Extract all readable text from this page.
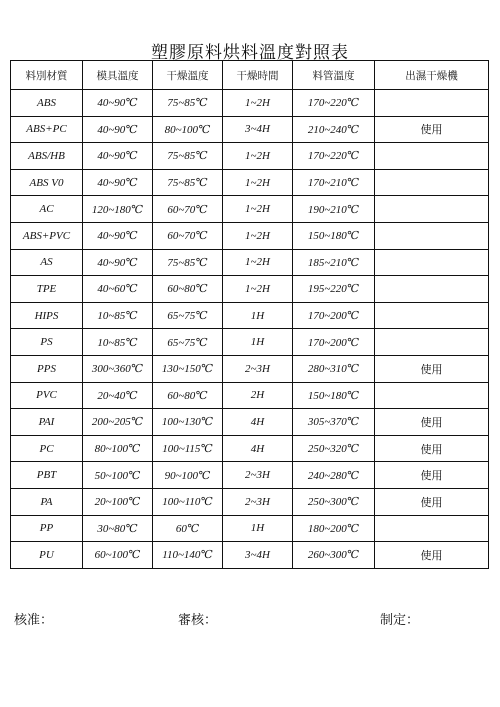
塑膠原料烘料溫度對照表
料別材質	模具溫度	干燥溫度	干燥時間	料管溫度	出濕干燥機
ABS	40~90℃	75~85℃	1~2H	170~220℃	
ABS+PC	40~90℃	80~100℃	3~4H	210~240℃	使用
ABS/HB	40~90℃	75~85℃	1~2H	170~220℃	
ABS V0	40~90℃	75~85℃	1~2H	170~210℃	
AC	120~180℃	60~70℃	1~2H	190~210℃	
ABS+PVC	40~90℃	60~70℃	1~2H	150~180℃	
AS	40~90℃	75~85℃	1~2H	185~210℃	
TPE	40~60℃	60~80℃	1~2H	195~220℃	
HIPS	10~85℃	65~75℃	1H	170~200℃	
PS	10~85℃	65~75℃	1H	170~200℃	
PPS	300~360℃	130~150℃	2~3H	280~310℃	使用
PVC	20~40℃	60~80℃	2H	150~180℃	
PAI	200~205℃	100~130℃	4H	305~370℃	使用
PC	80~100℃	100~115℃	4H	250~320℃	使用
PBT	50~100℃	90~100℃	2~3H	240~280℃	使用
PA	20~100℃	100~110℃	2~3H	250~300℃	使用
PP	30~80℃	60℃	1H	180~200℃	
PU	60~100℃	110~140℃	3~4H	260~300℃	使用
核准：	審核：	制定：
